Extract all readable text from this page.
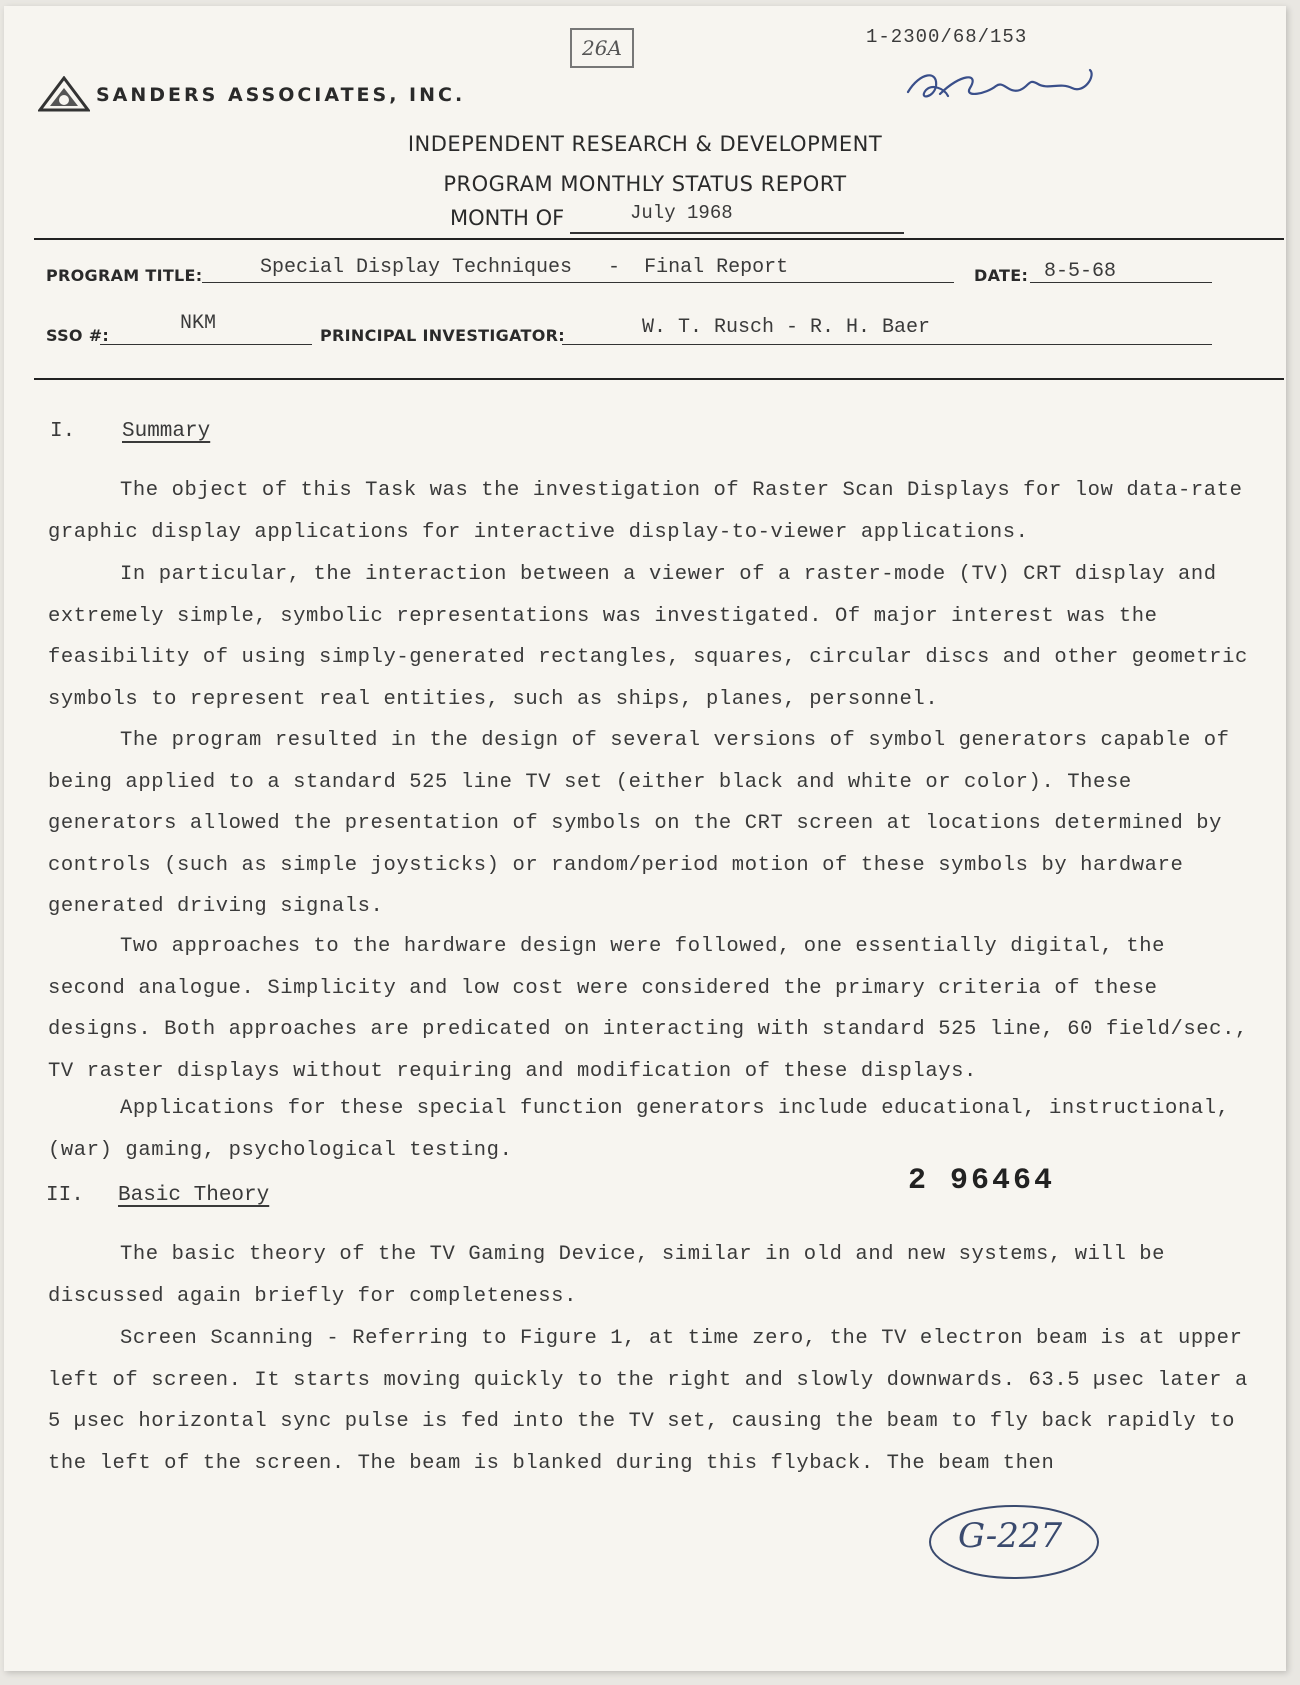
SANDERS ASSOCIATES, INC.
26A	1-2300/68/153
INDEPENDENT RESEARCH & DEVELOPMENT
PROGRAM MONTHLY STATUS REPORT
MONTH OF	July 1968
PROGRAM TITLE:	Special Display Techniques   -  Final Report	DATE: 8-5-68
SSO #:
NKM
PRINCIPAL INVESTIGATOR:	W. T. Rusch - R. H. Baer
I. Summary
The object of this Task was the investigation of Raster Scan Displays for low data-rate graphic display applications for interactive display-to-viewer applications.
In particular, the interaction between a viewer of a raster-mode (TV) CRT display and extremely simple, symbolic representations was investigated. Of major interest was the feasibility of using simply-generated rectangles, squares, circular discs and other geometric symbols to represent real entities, such as ships, planes, personnel.
The program resulted in the design of several versions of symbol generators capable of being applied to a standard 525 line TV set (either black and white or color). These generators allowed the presentation of symbols on the CRT screen at locations determined by controls (such as simple joysticks) or random/period motion of these symbols by hardware generated driving signals.
Two approaches to the hardware design were followed, one essentially digital, the second analogue. Simplicity and low cost were considered the primary criteria of these designs. Both approaches are predicated on interacting with standard 525 line, 60 field/sec., TV raster displays without requiring and modification of these displays.
Applications for these special function generators include educational, instructional, (war) gaming, psychological testing.
2 96464
II. Basic Theory
The basic theory of the TV Gaming Device, similar in old and new systems, will be discussed again briefly for completeness.
Screen Scanning - Referring to Figure 1, at time zero, the TV electron beam is at upper left of screen. It starts moving quickly to the right and slowly downwards. 63.5 µsec later a 5 µsec horizontal sync pulse is fed into the TV set, causing the beam to fly back rapidly to the left of the screen. The beam is blanked during this flyback. The beam then
G-227
